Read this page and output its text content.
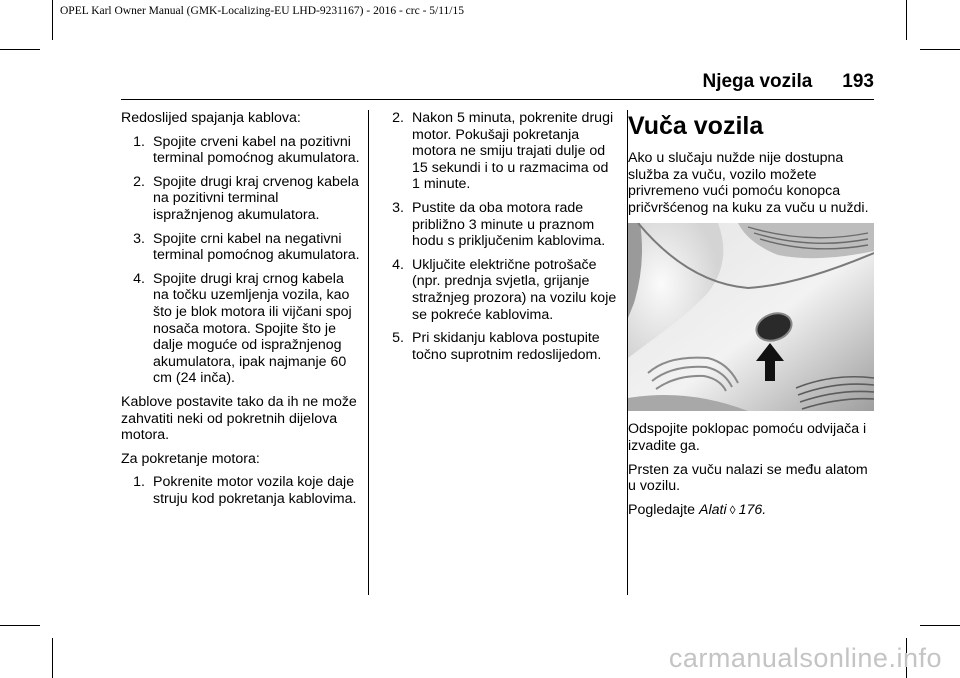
OPEL Karl Owner Manual (GMK-Localizing-EU LHD-9231167) - 2016 - crc - 5/11/15
Njega vozila 193

Redoslijed spajanja kablova:

1. Spojite crveni kabel na pozitivni terminal pomoćnog akumulatora.
2. Spojite drugi kraj crvenog kabela na pozitivni terminal ispražnjenog akumulatora.
3. Spojite crni kabel na negativni terminal pomoćnog akumulatora.
4. Spojite drugi kraj crnog kabela na točku uzemljenja vozila, kao što je blok motora ili vijčani spoj nosača motora. Spojite što je dalje moguće od ispražnjenog akumulatora, ipak najmanje 60 cm (24 inča).

Kablove postavite tako da ih ne može zahvatiti neki od pokretnih dijelova motora.

Za pokretanje motora:

1. Pokrenite motor vozila koje daje struju kod pokretanja kablovima.
2. Nakon 5 minuta, pokrenite drugi motor. Pokušaji pokretanja motora ne smiju trajati dulje od 15 sekundi i to u razmacima od 1 minute.
3. Pustite da oba motora rade približno 3 minute u praznom hodu s priključenim kablovima.
4. Uključite električne potrošače (npr. prednja svjetla, grijanje stražnjeg prozora) na vozilu koje se pokreće kablovima.
5. Pri skidanju kablova postupite točno suprotnim redoslijedom.
Vuča vozila

Ako u slučaju nužde nije dostupna služba za vuču, vozilo možete privremeno vući pomoću konopca pričvršćenog na kuku za vuču u nuždi.

Odspojite poklopac pomoću odvijača i izvadite ga.

Prsten za vuču nalazi se među alatom u vozilu.

Pogledajte Alati ◊ 176.

carmanualsonline.info
